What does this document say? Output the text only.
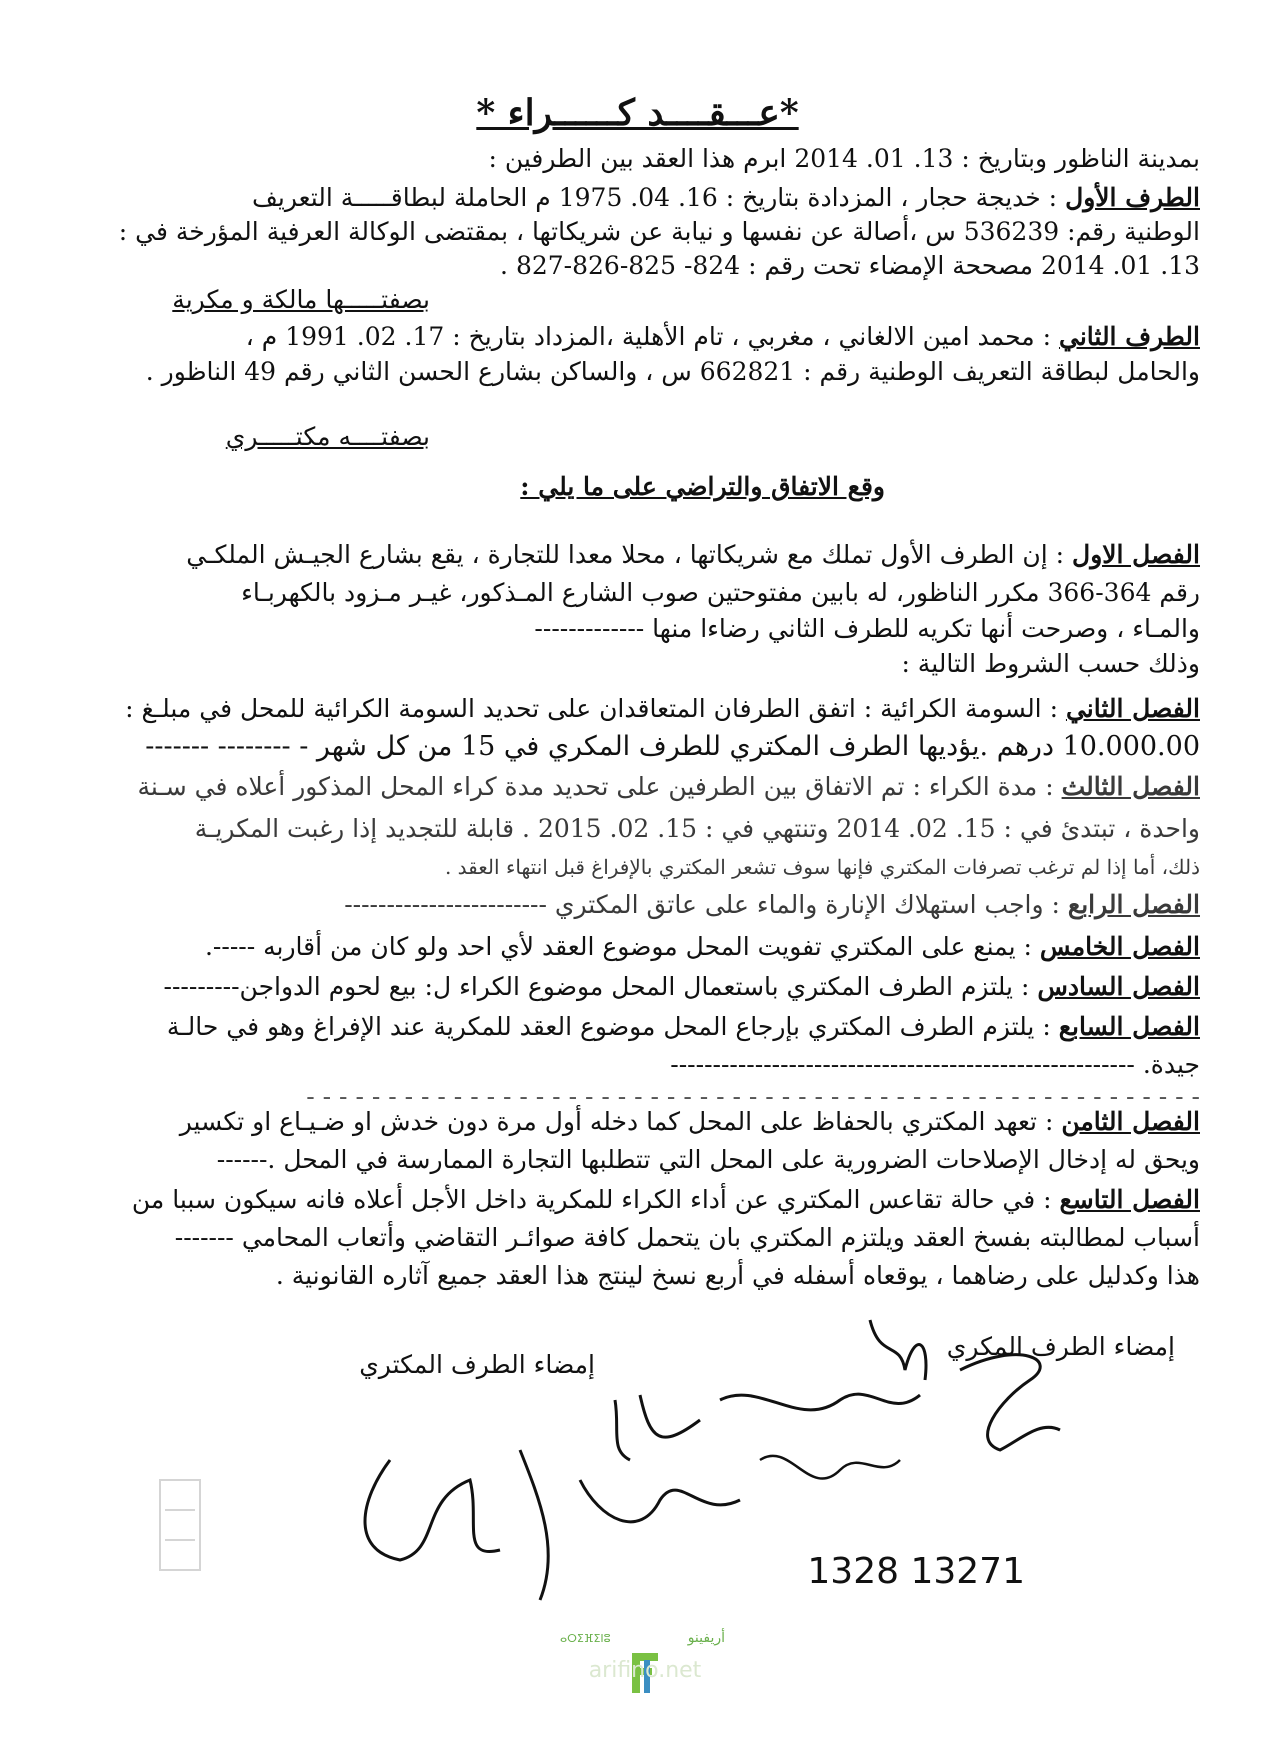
*عـــقــــد كــــــراء *
بمدينة الناظور وبتاريخ : 13. 01. 2014 ابرم هذا العقد بين الطرفين :
الطرف الأول : خديجة حجار ، المزدادة بتاريخ : 16. 04. 1975 م الحاملة لبطاقـــــة التعريف
الوطنية رقم: 536239 س ،أصالة عن نفسها و نيابة عن شريكاتها ، بمقتضى الوكالة العرفية المؤرخة في :
13. 01. 2014 مصححة الإمضاء تحت رقم : 824- 825-826-827 .
بصفتـــــها مالكة و مكرية
الطرف الثاني : محمد امين الالغاني ، مغربي ، تام الأهلية ،المزداد بتاريخ : 17. 02. 1991 م ،
والحامل لبطاقة التعريف الوطنية رقم : 662821 س ، والساكن بشارع الحسن الثاني رقم 49 الناظور .
بصفتــــه مكتـــــري
وقع الاتفاق والتراضي على ما يلي :
الفصل الاول : إن الطرف الأول تملك مع شريكاتها ، محلا معدا للتجارة ، يقع بشارع الجيـش الملكـي
رقم 364-366 مكرر الناظور، له بابين مفتوحتين صوب الشارع المـذكور، غيـر مـزود بالكهربـاء
والمـاء ، وصرحت أنها تكريه للطرف الثاني رضاءا منها -------------
وذلك حسب الشروط التالية :
الفصل الثاني : السومة الكرائية : اتفق الطرفان المتعاقدان على تحديد السومة الكرائية للمحل في مبلـغ :
10.000.00 درهم .يؤديها الطرف المكتري للطرف المكري في 15 من كل شهر - -------- -------
الفصل الثالث : مدة الكراء : تم الاتفاق بين الطرفين على تحديد مدة كراء المحل المذكور أعلاه في سـنة
واحدة ، تبتدئ في : 15. 02. 2014 وتنتهي في : 15. 02. 2015 . قابلة للتجديد إذا رغبت المكريـة
ذلك، أما إذا لم ترغب تصرفات المكتري فإنها سوف تشعر المكتري بالإفراغ قبل انتهاء العقد .
الفصل الرابع : واجب استهلاك الإنارة والماء على عاتق المكتري ------------------------
الفصل الخامس : يمنع على المكتري تفويت المحل موضوع العقد لأي احد ولو كان من أقاربه -----.
الفصل السادس : يلتزم الطرف المكتري باستعمال المحل موضوع الكراء ل: بيع لحوم الدواجن---------
الفصل السابع : يلتزم الطرف المكتري بإرجاع المحل موضوع العقد للمكرية عند الإفراغ وهو في حالـة
جيدة. -------------------------------------------------------
- - - - - - - - - - - - - - - - - - - - - - - - - - - - - - - - - - - - - - - - - - - - - - - - - - - - - - -
الفصل الثامن : تعهد المكتري بالحفاظ على المحل كما دخله أول مرة دون خدش او ضـيـاع او تكسير
ويحق له إدخال الإصلاحات الضرورية على المحل التي تتطلبها التجارة الممارسة في المحل .------
الفصل التاسع : في حالة تقاعس المكتري عن أداء الكراء للمكرية داخل الأجل أعلاه فانه سيكون سببا من
أسباب لمطالبته بفسخ العقد ويلتزم المكتري بان يتحمل كافة صوائـر التقاضي وأتعاب المحامي -------
هذا وكدليل على رضاهما ، يوقعاه أسفله في أربع نسخ لينتج هذا العقد جميع آثاره القانونية .
إمضاء الطرف المكري
إمضاء الطرف المكتري
13271 1328
أريفينو
ⴰⵔⵉⴼⵉⵏⵓ
arifino.net
